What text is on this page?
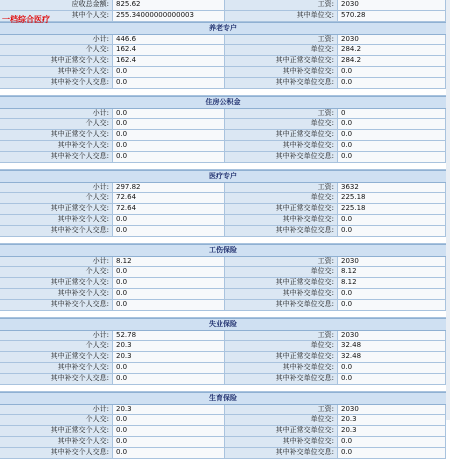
应收总金额:	825.62	工资:	2030
其中个人交:	255.34000000000003	其中单位交:	570.28
养老专户
小计:	446.6	工资:	2030
个人交:	162.4	单位交:	284.2
其中正常交个人交:	162.4	其中正常交单位交:	284.2
其中补交个人交:	0.0	其中补交单位交:	0.0
其中补交个人交息:	0.0	其中补交单位交息:	0.0
住房公积金
小计:	0.0	工资:	0
个人交:	0.0	单位交:	0.0
其中正常交个人交:	0.0	其中正常交单位交:	0.0
其中补交个人交:	0.0	其中补交单位交:	0.0
其中补交个人交息:	0.0	其中补交单位交息:	0.0
医疗专户
小计:	297.82	工资:	3632
个人交:	72.64	单位交:	225.18
其中正常交个人交:	72.64	其中正常交单位交:	225.18
其中补交个人交:	0.0	其中补交单位交:	0.0
其中补交个人交息:	0.0	其中补交单位交息:	0.0
工伤保险
小计:	8.12	工资:	2030
个人交:	0.0	单位交:	8.12
其中正常交个人交:	0.0	其中正常交单位交:	8.12
其中补交个人交:	0.0	其中补交单位交:	0.0
其中补交个人交息:	0.0	其中补交单位交息:	0.0
失业保险
小计:	52.78	工资:	2030
个人交:	20.3	单位交:	32.48
其中正常交个人交:	20.3	其中正常交单位交:	32.48
其中补交个人交:	0.0	其中补交单位交:	0.0
其中补交个人交息:	0.0	其中补交单位交息:	0.0
生育保险
小计:	20.3	工资:	2030
个人交:	0.0	单位交:	20.3
其中正常交个人交:	0.0	其中正常交单位交:	20.3
其中补交个人交:	0.0	其中补交单位交:	0.0
其中补交个人交息:	0.0	其中补交单位交息:	0.0
一档综合医疗
